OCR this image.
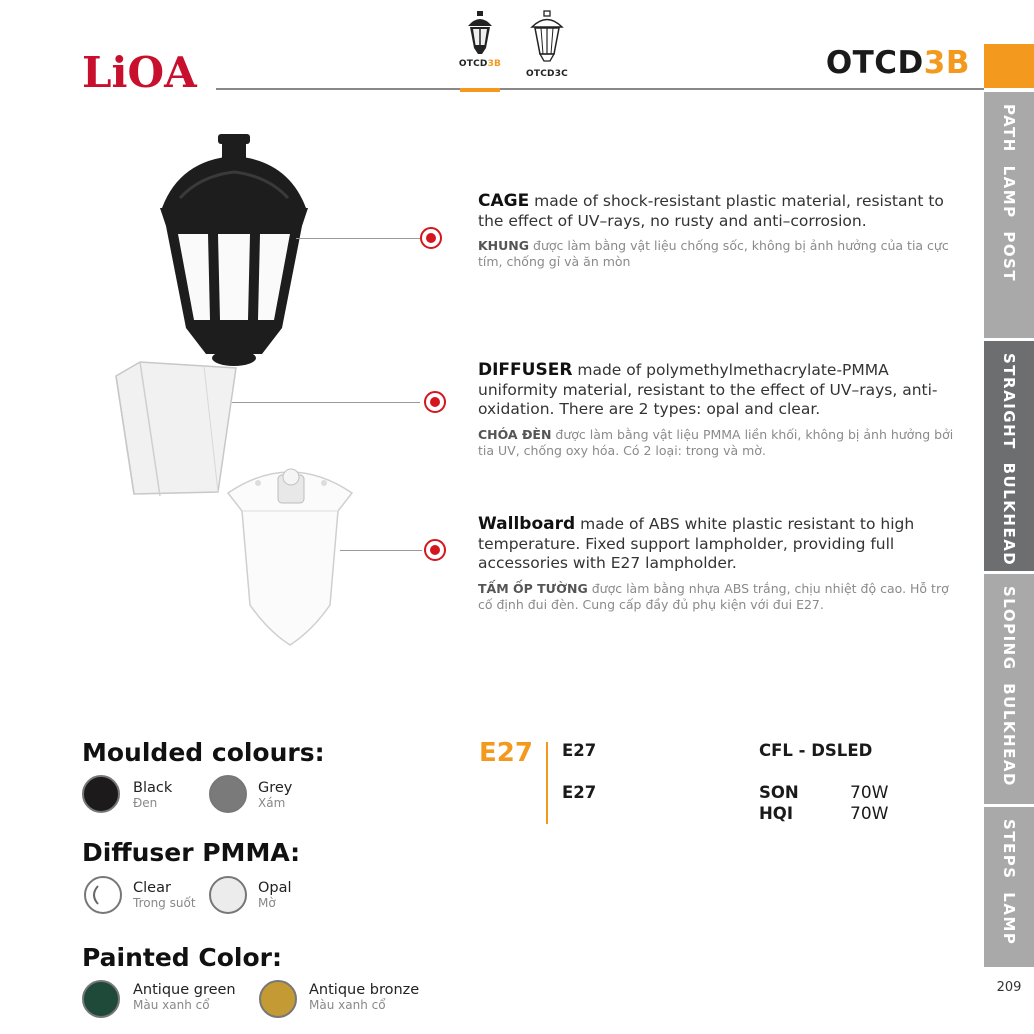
LiOA	OTCD3B
OTCD3C	OTCD3B
PATH LAMP POST
STRAIGHT BULKHEAD
SLOPING BULKHEAD
STEPS LAMP
209
CAGE made of shock-resistant plastic material, resistant to the effect of UV–rays, no rusty and anti–corrosion.
KHUNG được làm bằng vật liệu chống sốc, không bị ảnh hưởng của tia cực tím, chống gỉ và ăn mòn
DIFFUSER made of polymethylmethacrylate-PMMA uniformity material, resistant to the effect of UV–rays, anti-oxidation. There are 2 types: opal and clear.
CHÓA ĐÈN được làm bằng vật liệu PMMA liền khối, không bị ảnh hưởng bởi tia UV, chống oxy hóa. Có 2 loại: trong và mờ.
Wallboard made of ABS white plastic resistant to high temperature. Fixed support lampholder, providing full accessories with E27 lampholder.
TẤM ỐP TƯỜNG được làm bằng nhựa ABS trắng, chịu nhiệt độ cao. Hỗ trợ cố định đui đèn. Cung cấp đầy đủ phụ kiện với đui E27.
Moulded colours:
Black
Đen
Grey
Xám
Diffuser PMMA:
Clear
Trong suốt
Opal
Mờ
Painted Color:
Antique green
Màu xanh cổ
Antique bronze
Màu xanh cổ
E27 E27	CFL - DSLED
E27	SON	70W
HQI	70W
